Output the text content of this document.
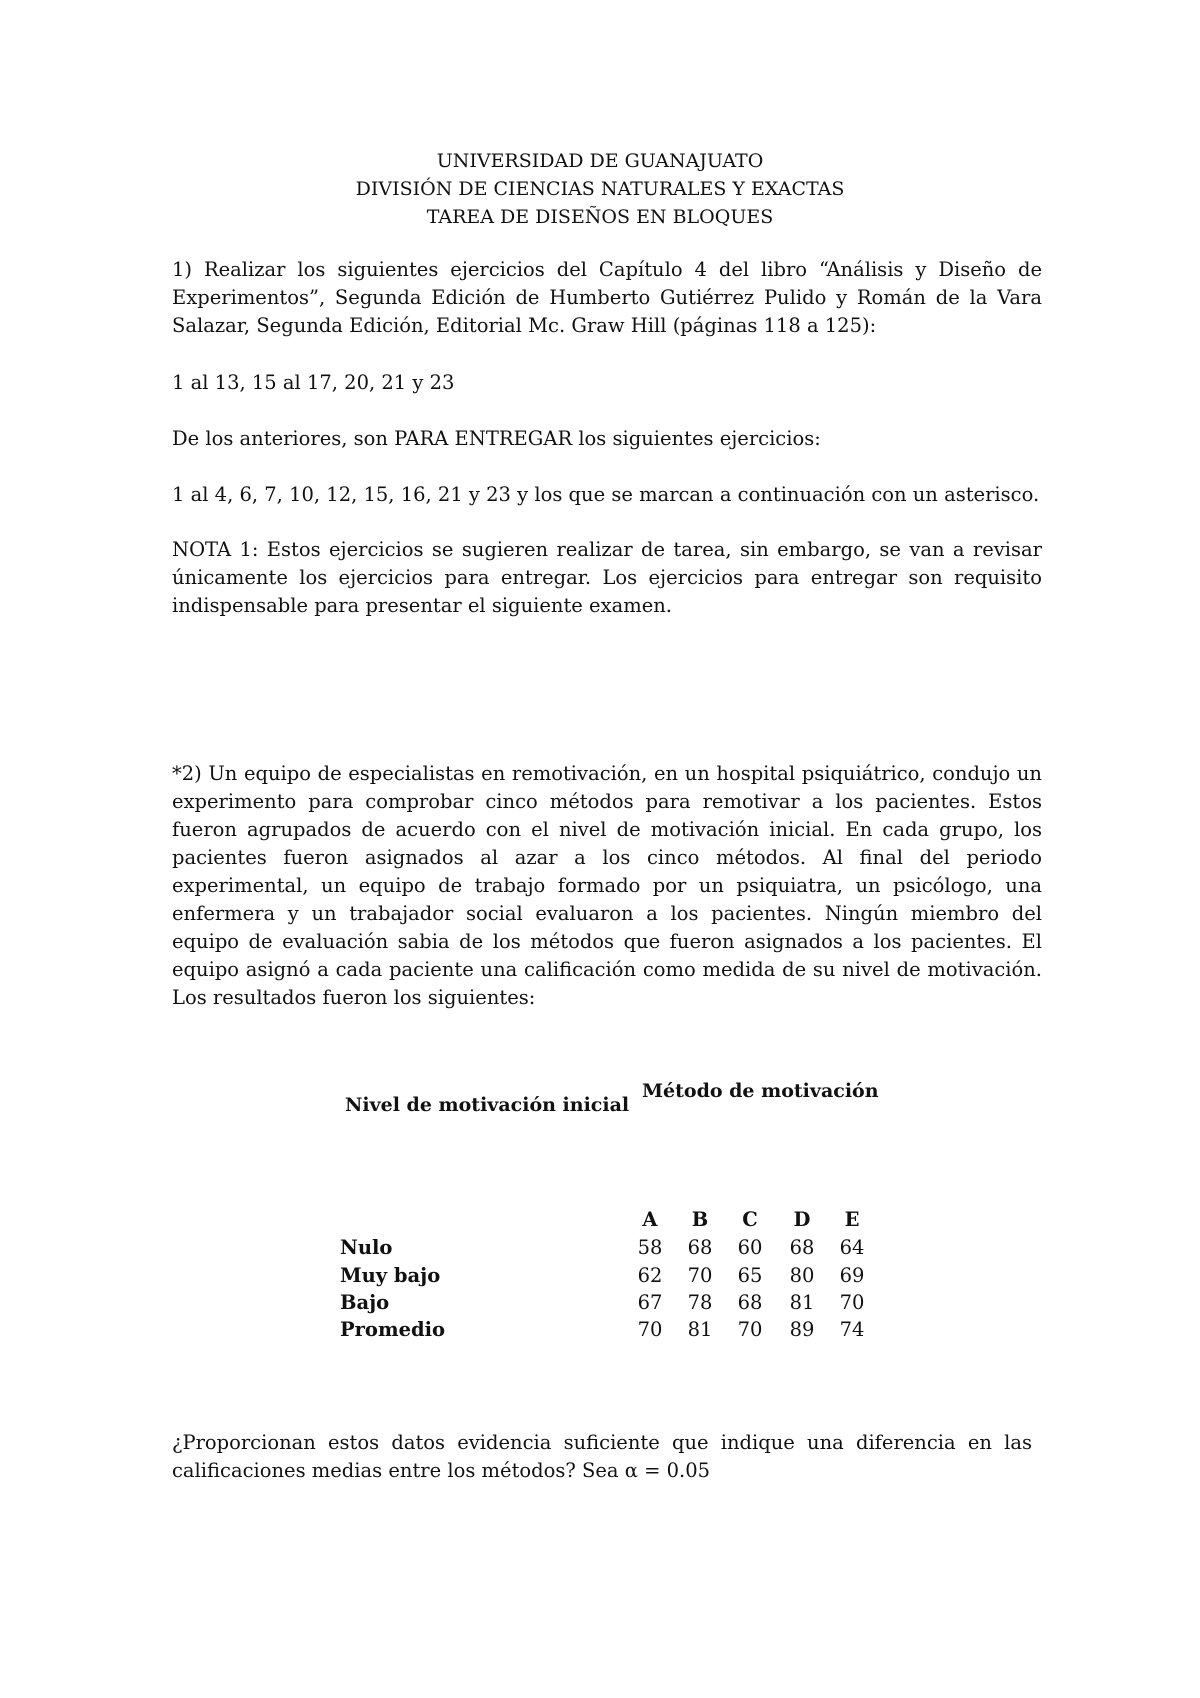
UNIVERSIDAD DE GUANAJUATO
DIVISIÓN DE CIENCIAS NATURALES Y EXACTAS
TAREA DE DISEÑOS EN BLOQUES
1) Realizar los siguientes ejercicios del Capítulo 4 del libro “Análisis y Diseño de Experimentos”, Segunda Edición de Humberto Gutiérrez Pulido y Román de la Vara Salazar, Segunda Edición, Editorial Mc. Graw Hill (páginas 118 a 125):
1 al 13, 15 al 17, 20, 21 y 23
De los anteriores, son PARA ENTREGAR los siguientes ejercicios:
1 al 4, 6, 7, 10, 12, 15, 16, 21 y 23 y los que se marcan a continuación con un asterisco.
NOTA 1: Estos ejercicios se sugieren realizar de tarea, sin embargo, se van a revisar únicamente los ejercicios para entregar. Los ejercicios para entregar son requisito indispensable para presentar el siguiente examen.
*2) Un equipo de especialistas en remotivación, en un hospital psiquiátrico, condujo un experimento para comprobar cinco métodos para remotivar a los pacientes. Estos fueron agrupados de acuerdo con el nivel de motivación inicial. En cada grupo, los pacientes fueron asignados al azar a los cinco métodos. Al final del periodo experimental, un equipo de trabajo formado por un psiquiatra, un psicólogo, una enfermera y un trabajador social evaluaron a los pacientes. Ningún miembro del equipo de evaluación sabia de los métodos que fueron asignados a los pacientes. El equipo asignó a cada paciente una calificación como medida de su nivel de motivación. Los resultados fueron los siguientes:
Nivel de motivación inicial
Método de motivación
A	B	C	D	E
Nulo	58	68	60	68	64
Muy bajo	62	70	65	80	69
Bajo	67	78	68	81	70
Promedio	70	81	70	89	74
¿Proporcionan estos datos evidencia suficiente que indique una diferencia en las calificaciones medias entre los métodos? Sea α = 0.05
